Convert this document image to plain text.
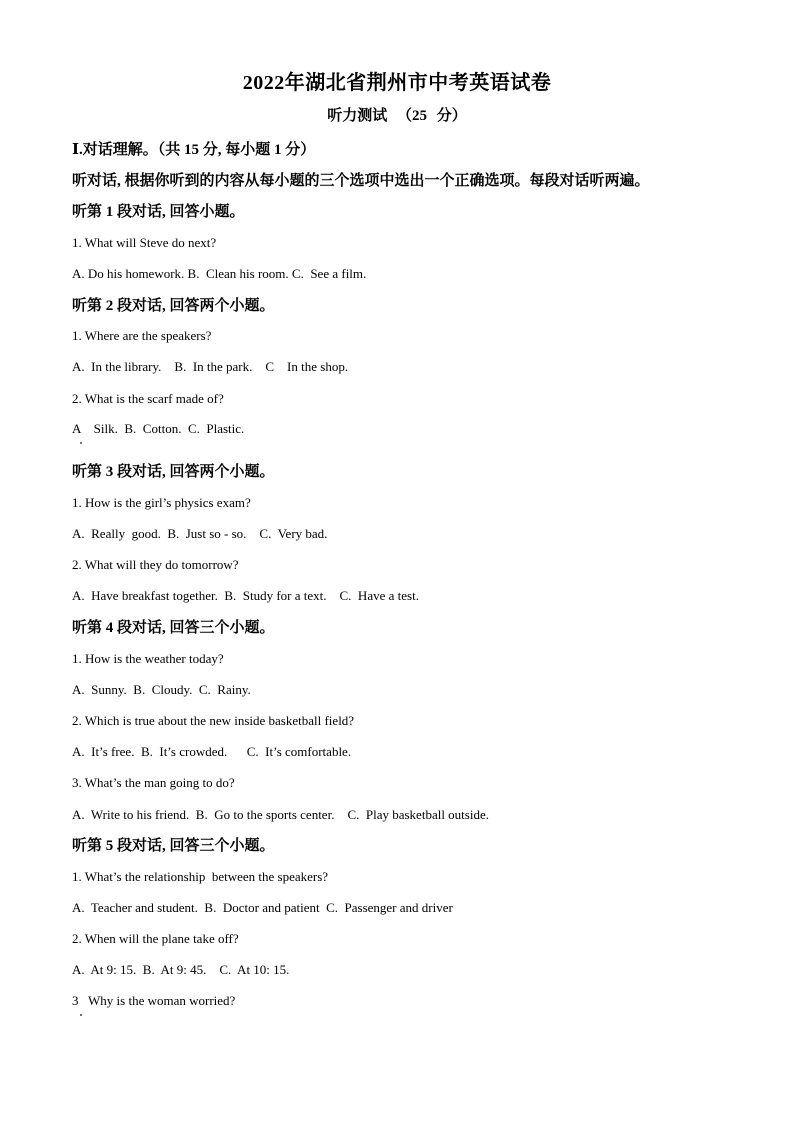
2022年湖北省荆州市中考英语试卷
听力测试 （25 分）
Ⅰ.对话理解。（共 15 分, 每小题 1 分）
听对话, 根据你听到的内容从每小题的三个选项中选出一个正确选项。每段对话听两遍。
听第 1 段对话, 回答小题。
1. What will Steve do next?
A. Do his homework. B.  Clean his room. C.  See a film.
听第 2 段对话, 回答两个小题。
1. Where are the speakers?
A.  In the library.    B.  In the park.    C    In the shop.
2. What is the scarf made of?
A    Silk.  B.  Cotton.  C.  Plastic.
听第 3 段对话, 回答两个小题。
1. How is the girl’s physics exam?
A.  Really  good.  B.  Just so - so.    C.  Very bad.
2. What will they do tomorrow?
A.  Have breakfast together.  B.  Study for a text.    C.  Have a test.
听第 4 段对话, 回答三个小题。
1. How is the weather today?
A.  Sunny.  B.  Cloudy.  C.  Rainy.
2. Which is true about the new inside basketball field?
A.  It’s free.  B.  It’s crowded.      C.  It’s comfortable.
3. What’s the man going to do?
A.  Write to his friend.  B.  Go to the sports center.    C.  Play basketball outside.
听第 5 段对话, 回答三个小题。
1. What’s the relationship  between the speakers?
A.  Teacher and student.  B.  Doctor and patient  C.  Passenger and driver
2. When will the plane take off?
A.  At 9: 15.  B.  At 9: 45.    C.  At 10: 15.
3   Why is the woman worried?
